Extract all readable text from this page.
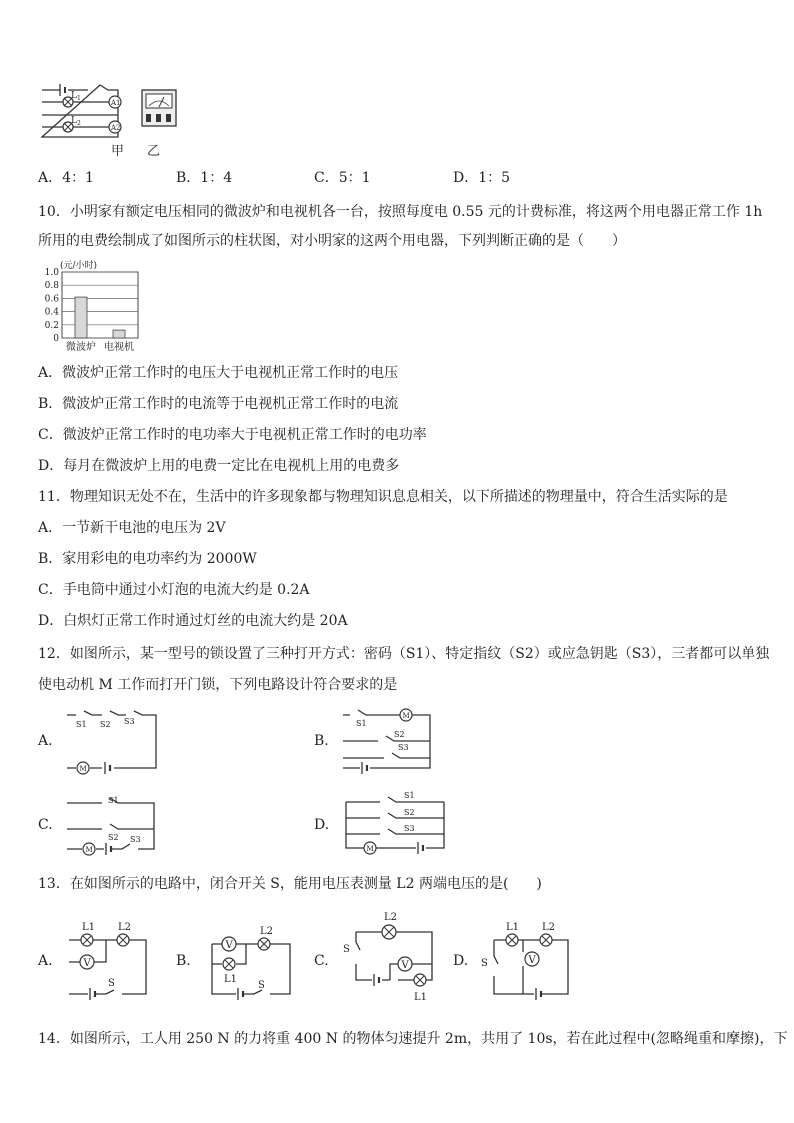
A1
A2
$L_1$
$L_2$
甲 乙
A．4：1	B．1：4	C．5：1	D．1：5
10．小明家有额定电压相同的微波炉和电视机各一台，按照每度电 0.55 元的计费标准，将这两个用电器正常工作 1h
所用的电费绘制成了如图所示的柱状图，对小明家的这两个用电器，下列判断正确的是（　　）
(元/小时)
1.0
0.8
0.6
0.4
0.2
0
微波炉 电视机
A．微波炉正常工作时的电压大于电视机正常工作时的电压
B．微波炉正常工作时的电流等于电视机正常工作时的电流
C．微波炉正常工作时的电功率大于电视机正常工作时的电功率
D．每月在微波炉上用的电费一定比在电视机上用的电费多
11．物理知识无处不在，生活中的许多现象都与物理知识息息相关，以下所描述的物理量中，符合生活实际的是
A．一节新干电池的电压为 2V
B．家用彩电的电功率约为 2000W
C．手电筒中通过小灯泡的电流大约是 0.2A
D．白炽灯正常工作时通过灯丝的电流大约是 20A
12．如图所示，某一型号的锁设置了三种打开方式：密码（S1）、特定指纹（S2）或应急钥匙（S3），三者都可以单独
使电动机 M 工作而打开门锁，下列电路设计符合要求的是
A.
M
S1 S2 S3
B.
M
S1
S2
S3
C.
M
S1
S2 S3
D.
M
S1
S2
S3
13．在如图所示的电路中，闭合开关 S，能用电压表测量 L2 两端电压的是(　　)
A.	V
L1 L2
S
B.
V
L1
L2
S
C.	V
L2
L1
S
D.	V
L1 L2
S
14．如图所示，工人用 250 N 的力将重 400 N 的物体匀速提升 2m，共用了 10s，若在此过程中(忽略绳重和摩擦)，下
